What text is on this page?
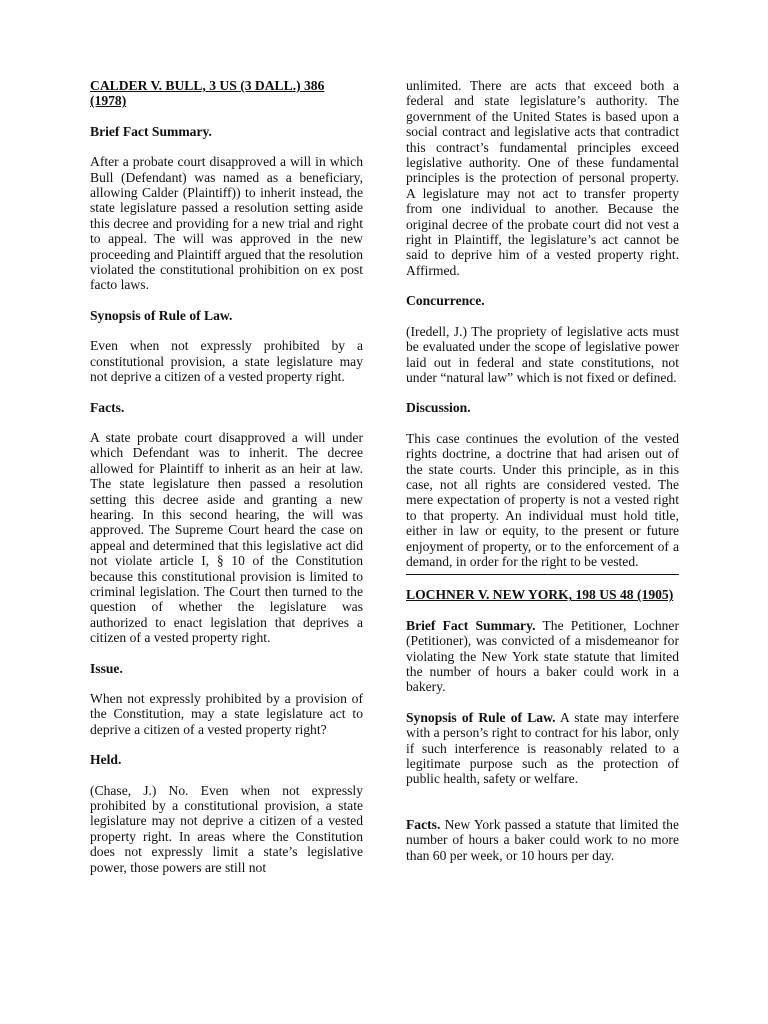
CALDER V. BULL, 3 US (3 DALL.) 386 (1978)

Brief Fact Summary.

After a probate court disapproved a will in which Bull (Defendant) was named as a beneficiary, allowing Calder (Plaintiff)) to inherit instead, the state legislature passed a resolution setting aside this decree and providing for a new trial and right to appeal. The will was approved in the new proceeding and Plaintiff argued that the resolution violated the constitutional prohibition on ex post facto laws.

Synopsis of Rule of Law.

Even when not expressly prohibited by a constitutional provision, a state legislature may not deprive a citizen of a vested property right.

Facts.

A state probate court disapproved a will under which Defendant was to inherit. The decree allowed for Plaintiff to inherit as an heir at law. The state legislature then passed a resolution setting this decree aside and granting a new hearing. In this second hearing, the will was approved. The Supreme Court heard the case on appeal and determined that this legislative act did not violate article I, § 10 of the Constitution because this constitutional provision is limited to criminal legislation. The Court then turned to the question of whether the legislature was authorized to enact legislation that deprives a citizen of a vested property right.

Issue.

When not expressly prohibited by a provision of the Constitution, may a state legislature act to deprive a citizen of a vested property right?

Held.

(Chase, J.) No. Even when not expressly prohibited by a constitutional provision, a state legislature may not deprive a citizen of a vested property right. In areas where the Constitution does not expressly limit a state’s legislative power, those powers are still not

unlimited. There are acts that exceed both a federal and state legislature’s authority. The government of the United States is based upon a social contract and legislative acts that contradict this contract’s fundamental principles exceed legislative authority. One of these fundamental principles is the protection of personal property. A legislature may not act to transfer property from one individual to another. Because the original decree of the probate court did not vest a right in Plaintiff, the legislature’s act cannot be said to deprive him of a vested property right. Affirmed.

Concurrence.

(Iredell, J.) The propriety of legislative acts must be evaluated under the scope of legislative power laid out in federal and state constitutions, not under “natural law” which is not fixed or defined.

Discussion.

This case continues the evolution of the vested rights doctrine, a doctrine that had arisen out of the state courts. Under this principle, as in this case, not all rights are considered vested. The mere expectation of property is not a vested right to that property. An individual must hold title, either in law or equity, to the present or future enjoyment of property, or to the enforcement of a demand, in order for the right to be vested.

LOCHNER V. NEW YORK, 198 US 48 (1905)

Brief Fact Summary. The Petitioner, Lochner (Petitioner), was convicted of a misdemeanor for violating the New York state statute that limited the number of hours a baker could work in a bakery.

Synopsis of Rule of Law. A state may interfere with a person’s right to contract for his labor, only if such interference is reasonably related to a legitimate purpose such as the protection of public health, safety or welfare.

Facts. New York passed a statute that limited the number of hours a baker could work to no more than 60 per week, or 10 hours per day.
